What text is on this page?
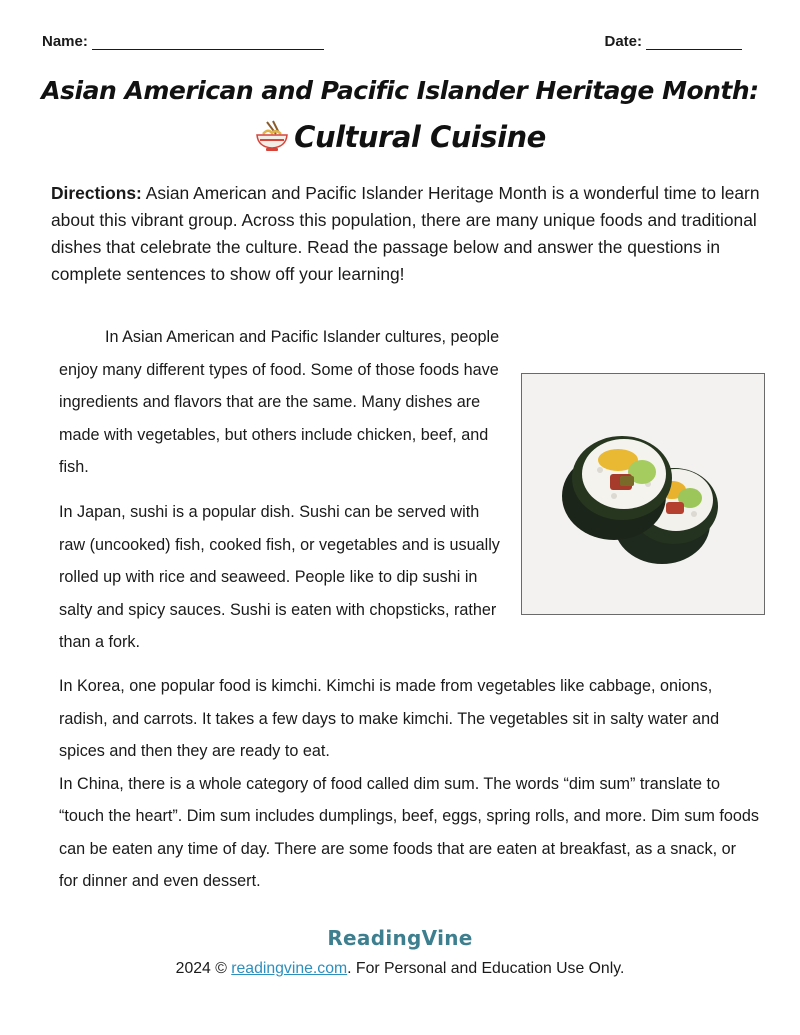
Name:	Date:
Asian American and Pacific Islander Heritage Month:
Cultural Cuisine
Directions: Asian American and Pacific Islander Heritage Month is a wonderful time to learn about this vibrant group. Across this population, there are many unique foods and traditional dishes that celebrate the culture. Read the passage below and answer the questions in complete sentences to show off your learning!
In Asian American and Pacific Islander cultures, people enjoy many different types of food. Some of those foods have ingredients and flavors that are the same. Many dishes are made with vegetables, but others include chicken, beef, and fish.
In Japan, sushi is a popular dish. Sushi can be served with raw (uncooked) fish, cooked fish, or vegetables and is usually rolled up with rice and seaweed. People like to dip sushi in salty and spicy sauces. Sushi is eaten with chopsticks, rather than a fork.
In Korea, one popular food is kimchi. Kimchi is made from vegetables like cabbage, onions, radish, and carrots. It takes a few days to make kimchi. The vegetables sit in salty water and spices and then they are ready to eat.
In China, there is a whole category of food called dim sum. The words “dim sum” translate to “touch the heart”. Dim sum includes dumplings, beef, eggs, spring rolls, and more. Dim sum foods can be eaten any time of day. There are some foods that are eaten at breakfast, as a snack, or for dinner and even dessert.
ReadingVine
2024 © readingvine.com. For Personal and Education Use Only.
